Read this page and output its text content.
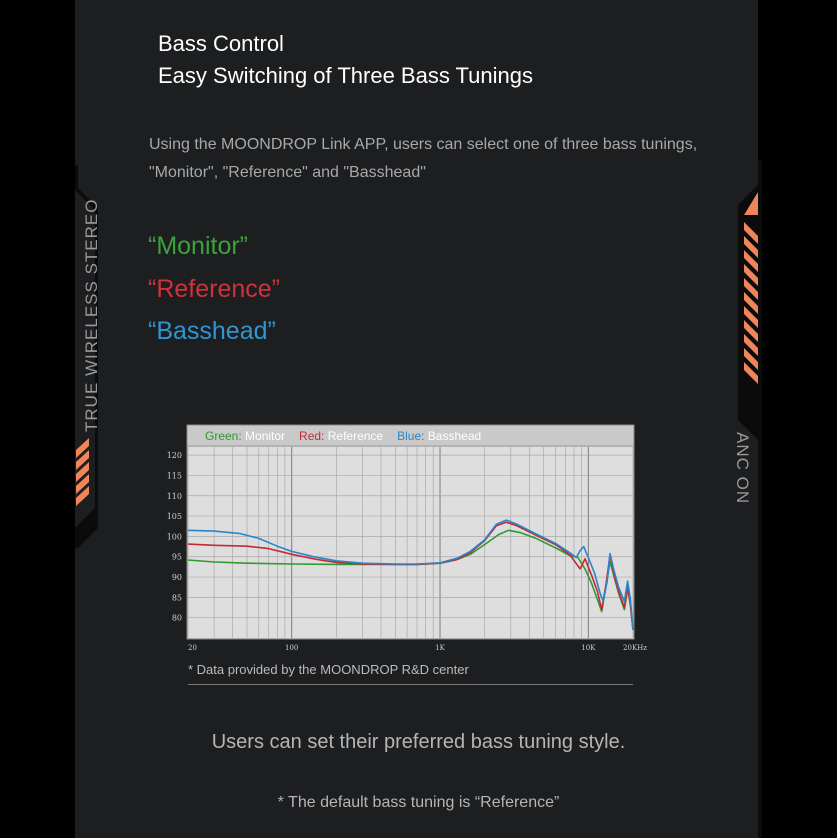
TRUE WIRELESS STEREO
ANC ON
Bass Control
Easy Switching of Three Bass Tunings
Using the MOONDROP Link APP, users can select one of three bass tunings, "Monitor", "Reference" and "Basshead"
“Monitor”
“Reference”
“Basshead”
80
85
90
95
100
105
110
115
120
20	100	1K	10K	20KHz
Green: Monitor Red: Reference Blue: Basshead
* Data provided by the MOONDROP R&D center
Users can set their preferred bass tuning style.
* The default bass tuning is “Reference”
